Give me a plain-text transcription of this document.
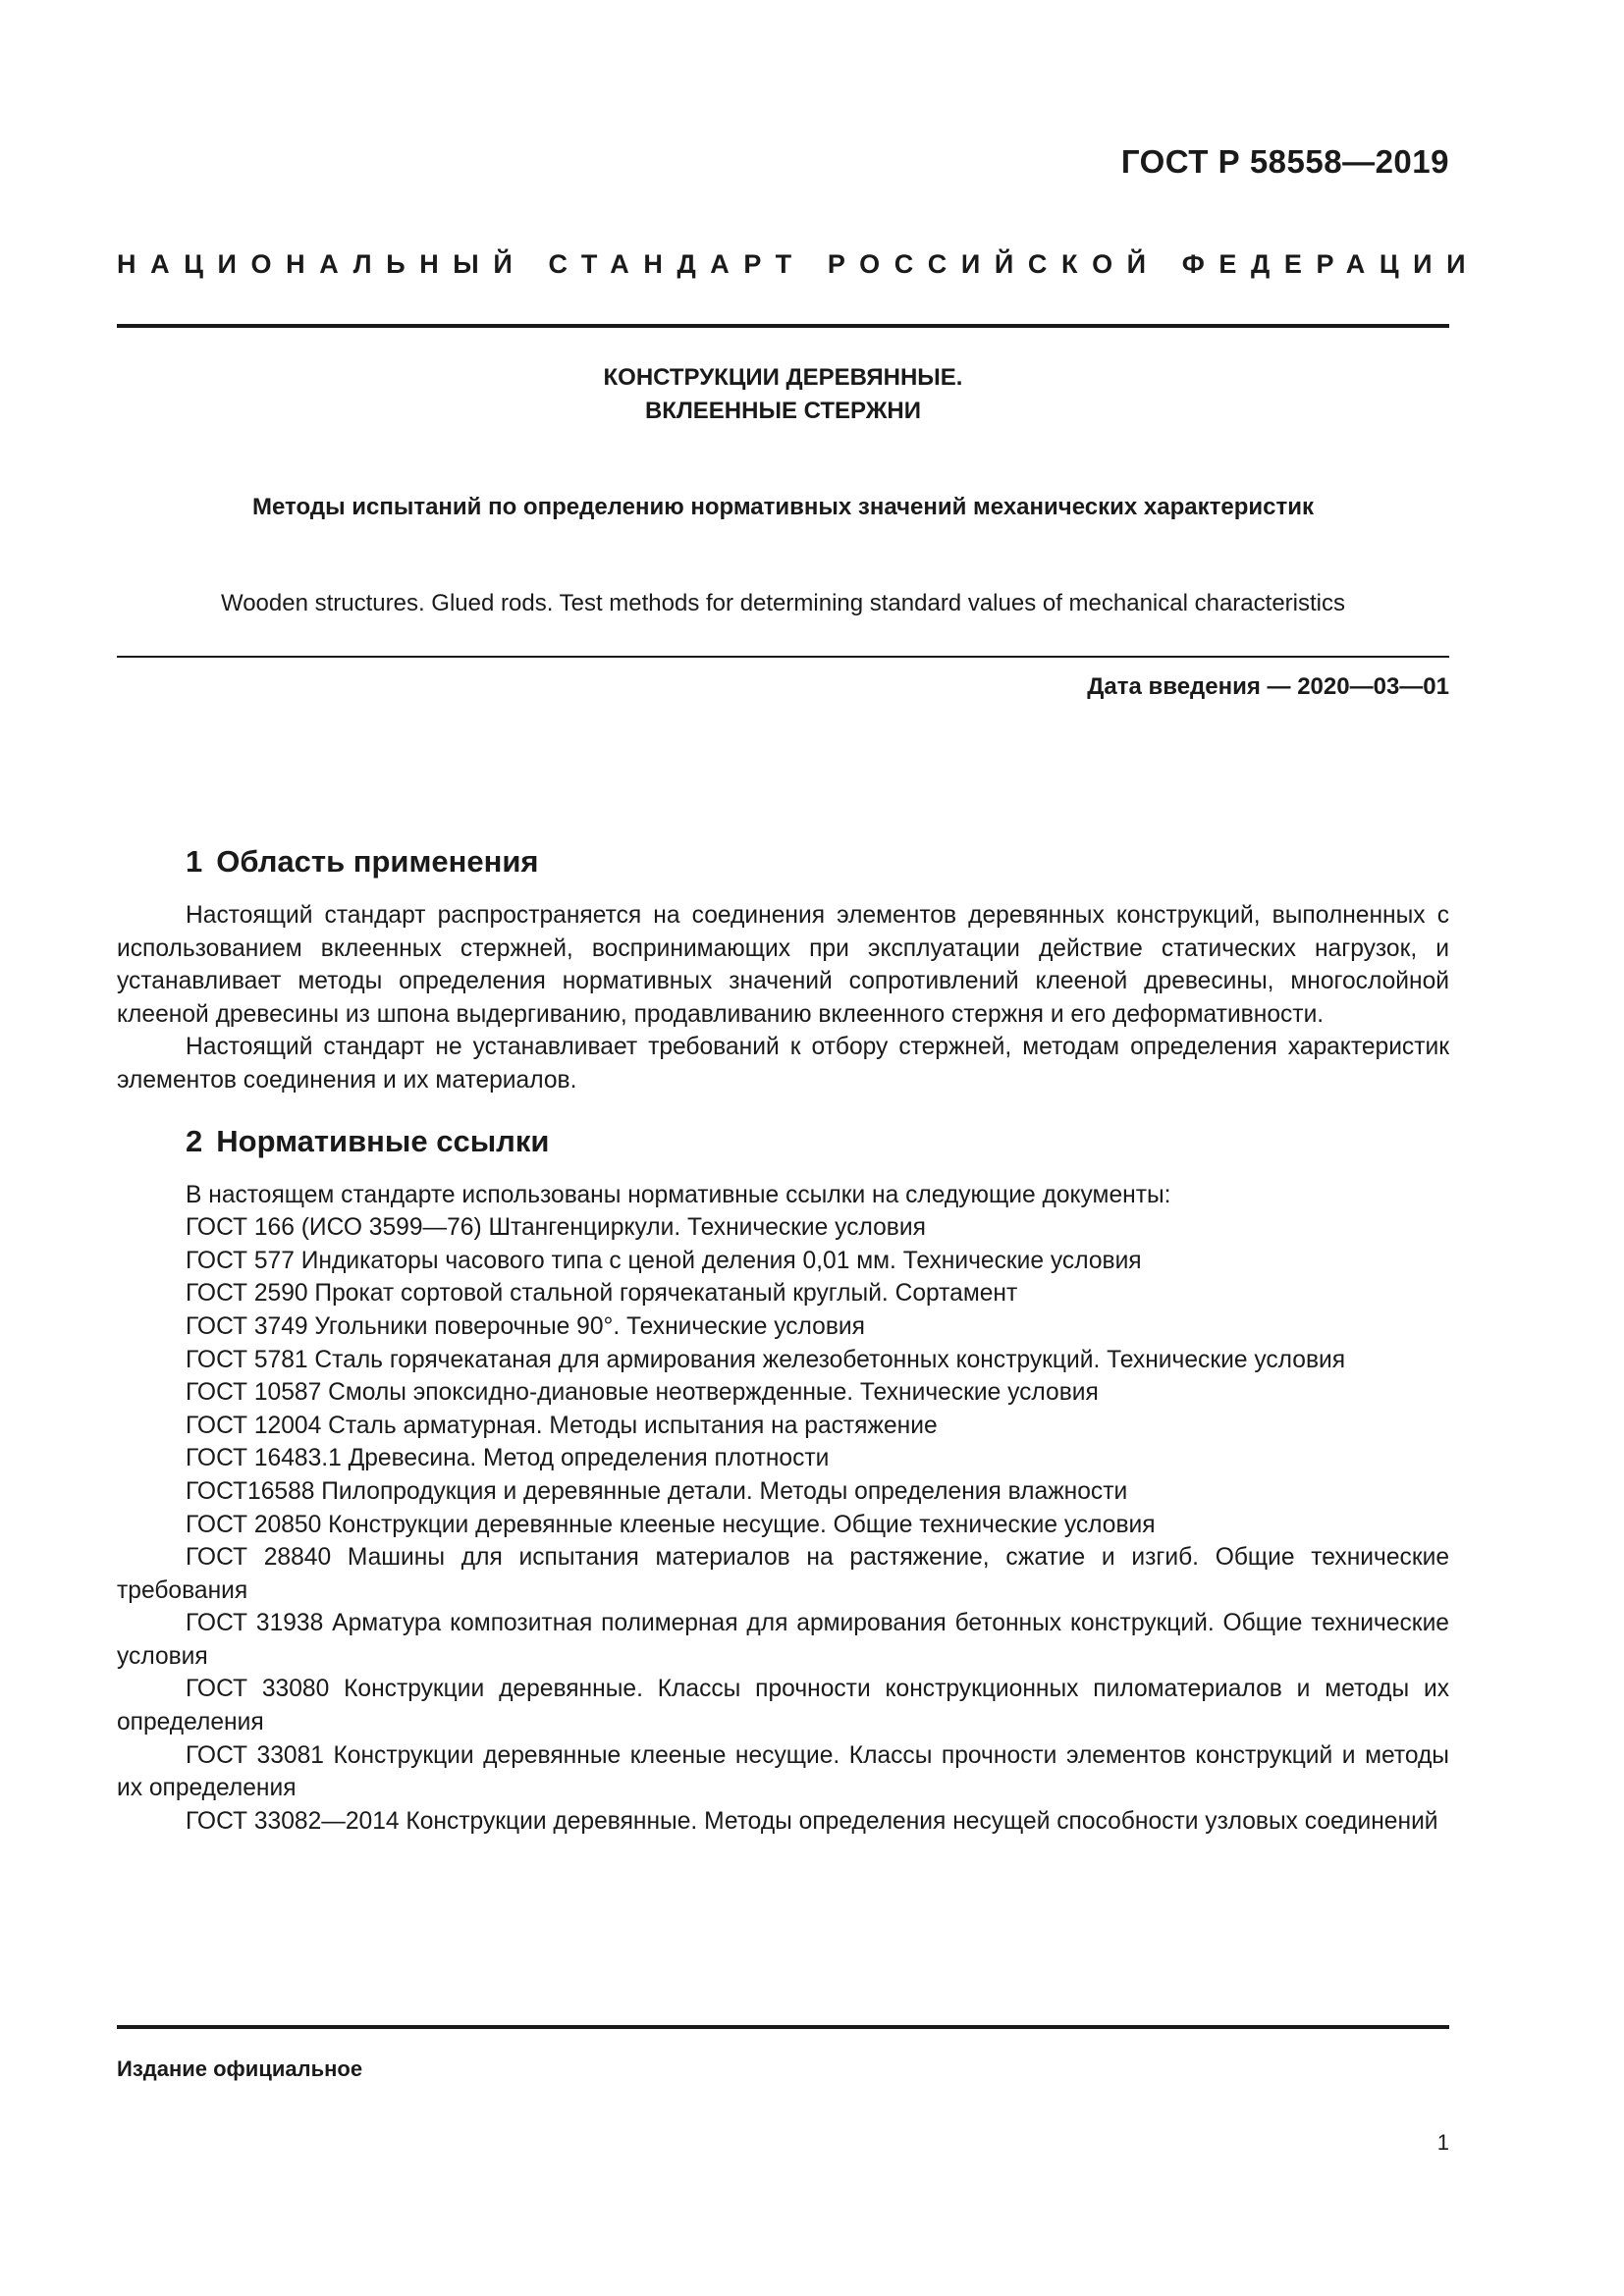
ГОСТ Р 58558—2019
НАЦИОНАЛЬНЫЙ СТАНДАРТ РОССИЙСКОЙ ФЕДЕРАЦИИ
КОНСТРУКЦИИ ДЕРЕВЯННЫЕ.
ВКЛЕЕННЫЕ СТЕРЖНИ
Методы испытаний по определению нормативных значений механических характеристик
Wooden structures. Glued rods. Test methods for determining standard values of mechanical characteristics
Дата введения — 2020—03—01
1 Область применения

Настоящий стандарт распространяется на соединения элементов деревянных конструкций, выполненных с использованием вклеенных стержней, воспринимающих при эксплуатации действие статических нагрузок, и устанавливает методы определения нормативных значений сопротивлений клееной древесины, многослойной клееной древесины из шпона выдергиванию, продавливанию вклеенного стержня и его деформативности.

Настоящий стандарт не устанавливает требований к отбору стержней, методам определения характеристик элементов соединения и их материалов.

2 Нормативные ссылки

В настоящем стандарте использованы нормативные ссылки на следующие документы:

ГОСТ 166 (ИСО 3599—76) Штангенциркули. Технические условия
ГОСТ 577 Индикаторы часового типа с ценой деления 0,01 мм. Технические условия
ГОСТ 2590 Прокат сортовой стальной горячекатаный круглый. Сортамент
ГОСТ 3749 Угольники поверочные 90°. Технические условия
ГОСТ 5781 Сталь горячекатаная для армирования железобетонных конструкций. Технические условия
ГОСТ 10587 Смолы эпоксидно-диановые неотвержденные. Технические условия
ГОСТ 12004 Сталь арматурная. Методы испытания на растяжение
ГОСТ 16483.1 Древесина. Метод определения плотности
ГОСТ16588 Пилопродукция и деревянные детали. Методы определения влажности
ГОСТ 20850 Конструкции деревянные клееные несущие. Общие технические условия
ГОСТ 28840 Машины для испытания материалов на растяжение, сжатие и изгиб. Общие технические требования
ГОСТ 31938 Арматура композитная полимерная для армирования бетонных конструкций. Общие технические условия
ГОСТ 33080 Конструкции деревянные. Классы прочности конструкционных пиломатериалов и методы их определения
ГОСТ 33081 Конструкции деревянные клееные несущие. Классы прочности элементов конструкций и методы их определения
ГОСТ 33082—2014 Конструкции деревянные. Методы определения несущей способности узловых соединений
Издание официальное
1
